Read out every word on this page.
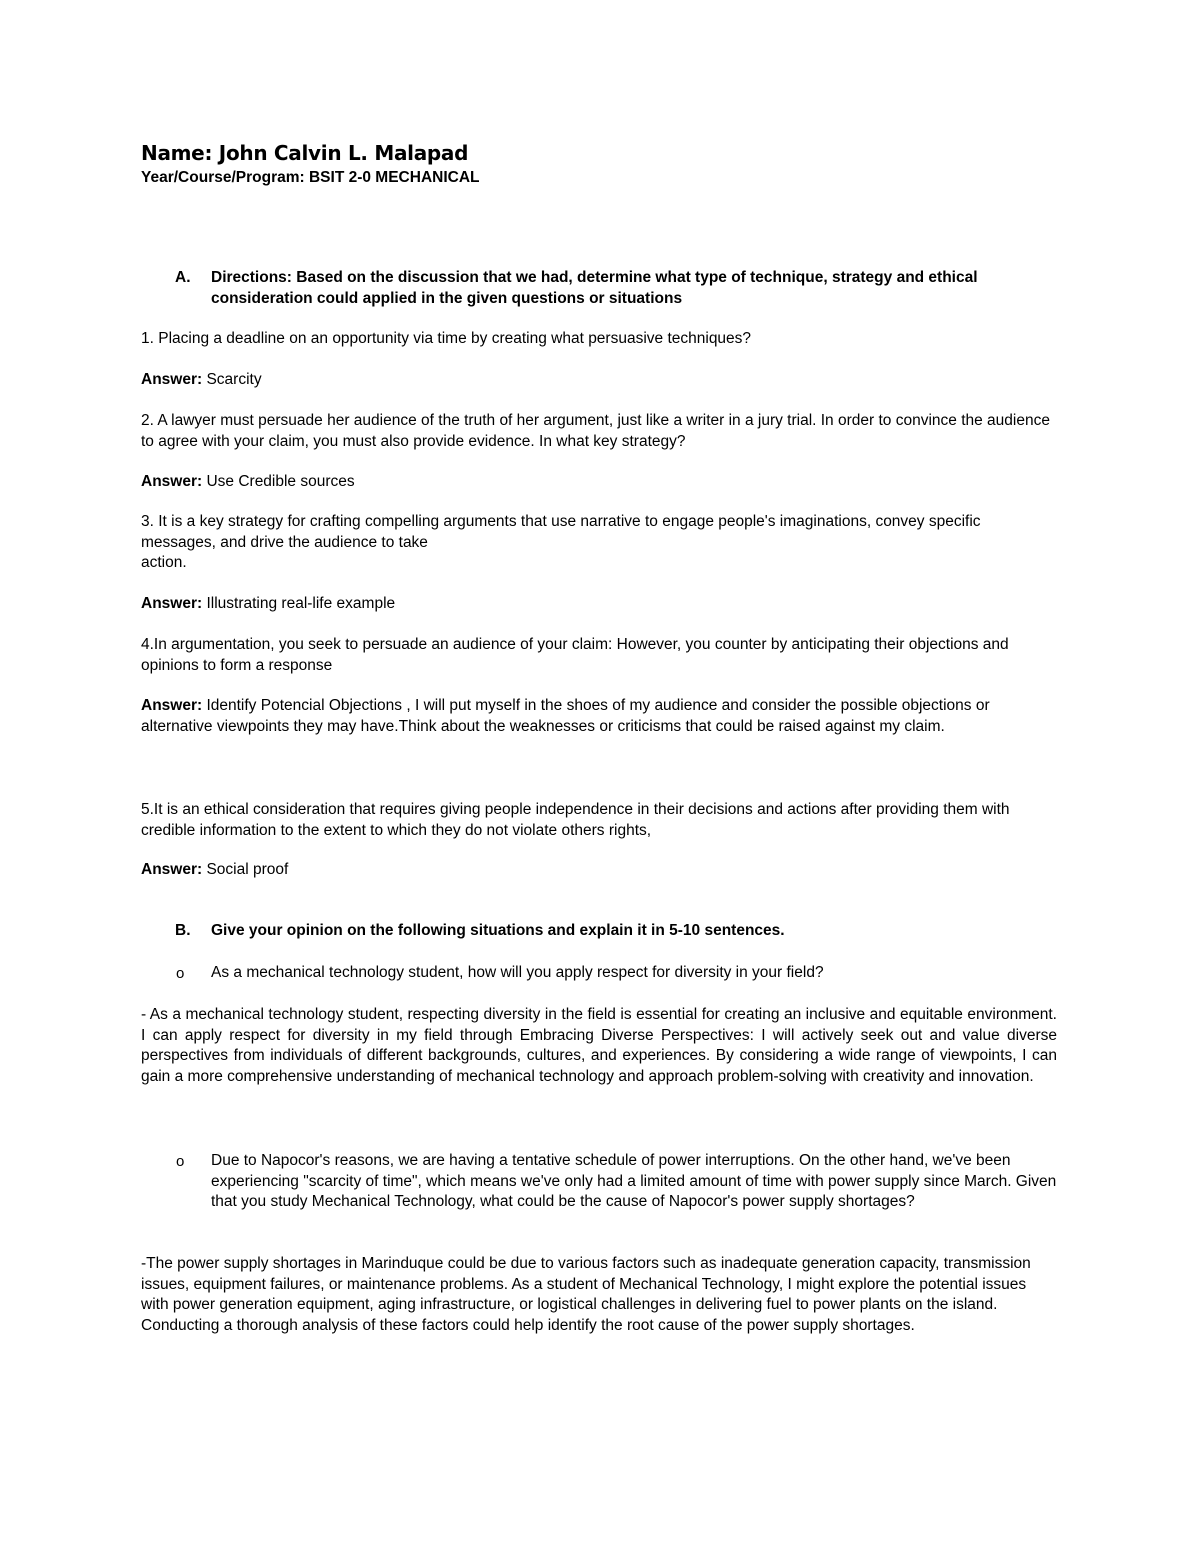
Name: John Calvin L. Malapad
Year/Course/Program: BSIT 2-0 MECHANICAL
A. Directions: Based on the discussion that we had, determine what type of technique, strategy and ethical consideration could applied in the given questions or situations
1. Placing a deadline on an opportunity via time by creating what persuasive techniques?
Answer: Scarcity
2. A lawyer must persuade her audience of the truth of her argument, just like a writer in a jury trial. In order to convince the audience to agree with your claim, you must also provide evidence. In what key strategy?
Answer: Use Credible sources
3. It is a key strategy for crafting compelling arguments that use narrative to engage people's imaginations, convey specific messages, and drive the audience to take
action.
Answer: Illustrating real-life example
4.In argumentation, you seek to persuade an audience of your claim: However, you counter by anticipating their objections and opinions to form a response
Answer: Identify Potencial Objections , I will put myself in the shoes of my audience and consider the possible objections or alternative viewpoints they may have.Think about the weaknesses or criticisms that could be raised against my claim.
5.It is an ethical consideration that requires giving people independence in their decisions and actions after providing them with credible information to the extent to which they do not violate others rights,
Answer: Social proof
B. Give your opinion on the following situations and explain it in 5-10 sentences.
o As a mechanical technology student, how will you apply respect for diversity in your field?
- As a mechanical technology student, respecting diversity in the field is essential for creating an inclusive and equitable environment. I can apply respect for diversity in my field through Embracing Diverse Perspectives: I will actively seek out and value diverse perspectives from individuals of different backgrounds, cultures, and experiences. By considering a wide range of viewpoints, I can gain a more comprehensive understanding of mechanical technology and approach problem-solving with creativity and innovation.
o Due to Napocor's reasons, we are having a tentative schedule of power interruptions. On the other hand, we've been experiencing "scarcity of time", which means we've only had a limited amount of time with power supply since March. Given that you study Mechanical Technology, what could be the cause of Napocor's power supply shortages?
-The power supply shortages in Marinduque could be due to various factors such as inadequate generation capacity, transmission issues, equipment failures, or maintenance problems. As a student of Mechanical Technology, I might explore the potential issues with power generation equipment, aging infrastructure, or logistical challenges in delivering fuel to power plants on the island. Conducting a thorough analysis of these factors could help identify the root cause of the power supply shortages.
